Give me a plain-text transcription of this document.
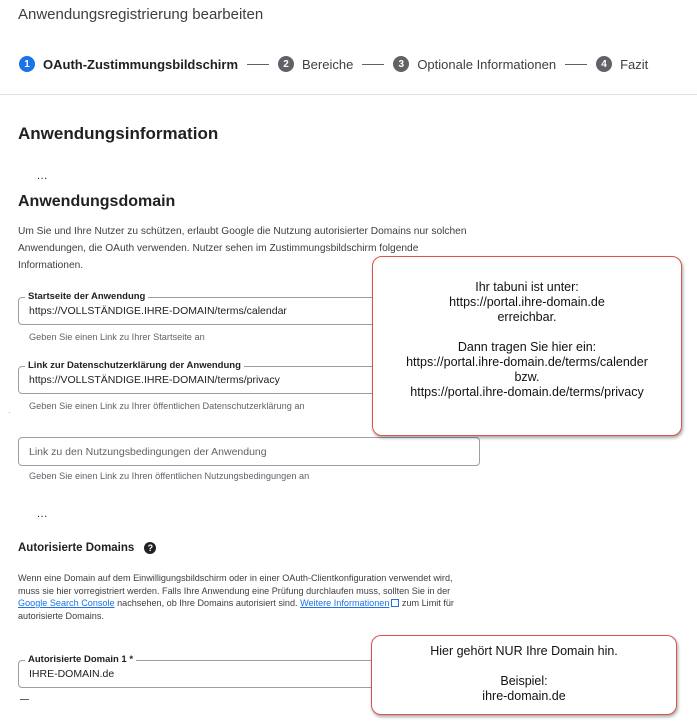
Anwendungsregistrierung bearbeiten
1	OAuth-Zustimmungsbildschirm	2	Bereiche	3	Optionale Informationen	4	Fazit
Anwendungsinformation
...
Anwendungsdomain
Um Sie und Ihre Nutzer zu schützen, erlaubt Google die Nutzung autorisierter Domains nur solchen Anwendungen, die OAuth verwenden. Nutzer sehen im Zustimmungsbildschirm folgende Informationen.
Startseite der Anwendung
https://VOLLSTÄNDIGE.IHRE-DOMAIN/terms/calendar
Geben Sie einen Link zu Ihrer Startseite an
Link zur Datenschutzerklärung der Anwendung
https://VOLLSTÄNDIGE.IHRE-DOMAIN/terms/privacy
Geben Sie einen Link zu Ihrer öffentlichen Datenschutzerklärung an
·
Link zu den Nutzungsbedingungen der Anwendung
Geben Sie einen Link zu Ihren öffentlichen Nutzungsbedingungen an
...
Autorisierte Domains	?
Wenn eine Domain auf dem Einwilligungsbildschirm oder in einer OAuth-Clientkonfiguration verwendet wird, muss sie hier vorregistriert werden. Falls Ihre Anwendung eine Prüfung durchlaufen muss, sollten Sie in der Google Search Console nachsehen, ob Ihre Domains autorisiert sind. Weitere Informationen zum Limit für autorisierte Domains.
Autorisierte Domain 1 *
IHRE-DOMAIN.de
Ihr tabuni ist unter:
https://portal.ihre-domain.de
erreichbar.
Dann tragen Sie hier ein:
https://portal.ihre-domain.de/terms/calender
bzw.
https://portal.ihre-domain.de/terms/privacy
Hier gehört NUR Ihre Domain hin.
Beispiel:
ihre-domain.de
